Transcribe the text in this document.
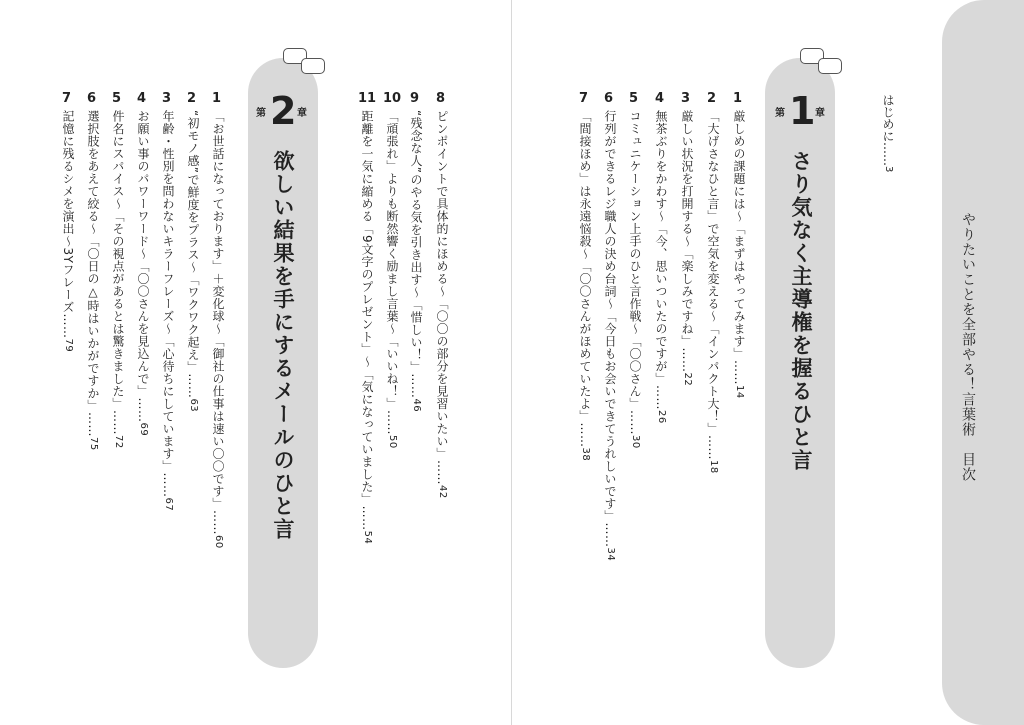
やりたいことを全部やる！言葉術　目次
はじめに……3
第 1 章
さり気なく主導権を握るひと言
1
厳しめの課題には〜「まずはやってみます」……14
2
「大げさなひと言」で空気を変える〜「インパクト大！」……18
3
厳しい状況を打開する〜「楽しみですね」……22
4
無茶ぶりをかわす〜「今、思いついたのですが」……26
5
コミュニケーション上手のひと言作戦〜「〇〇さん」……30
6
行列ができるレジ職人の決め台詞〜「今日もお会いできてうれしいです」……34
7
「間接ほめ」は永遠悩殺〜「〇〇さんがほめていたよ」……38
8
ピンポイントで具体的にほめる〜「〇〇の部分を見習いたい」……42
9
“残念な人”のやる気を引き出す〜「惜しい！」……46
10
「頑張れ」よりも断然響く励まし言葉〜「いいね！」……50
11
距離を一気に縮める「9文字のプレゼント」〜「気になっていました」……54
第 2 章
欲しい結果を手にするメールのひと言
1
「お世話になっております」＋変化球〜「御社の仕事は速い〇〇です」……60
2
“初モノ感”で鮮度をプラス〜「ワクワク起え」……63
3
年齢・性別を問わないキラーフレーズ〜「心待ちにしています」……67
4
お願い事のパワーワード〜「〇〇さんを見込んで」……69
5
件名にスパイス〜「その視点があるとは驚きました」……72
6
選択肢をあえて絞る〜「〇日の△時はいかがですか」……75
7
記憶に残るシメを演出〜3Yフレーズ……79
